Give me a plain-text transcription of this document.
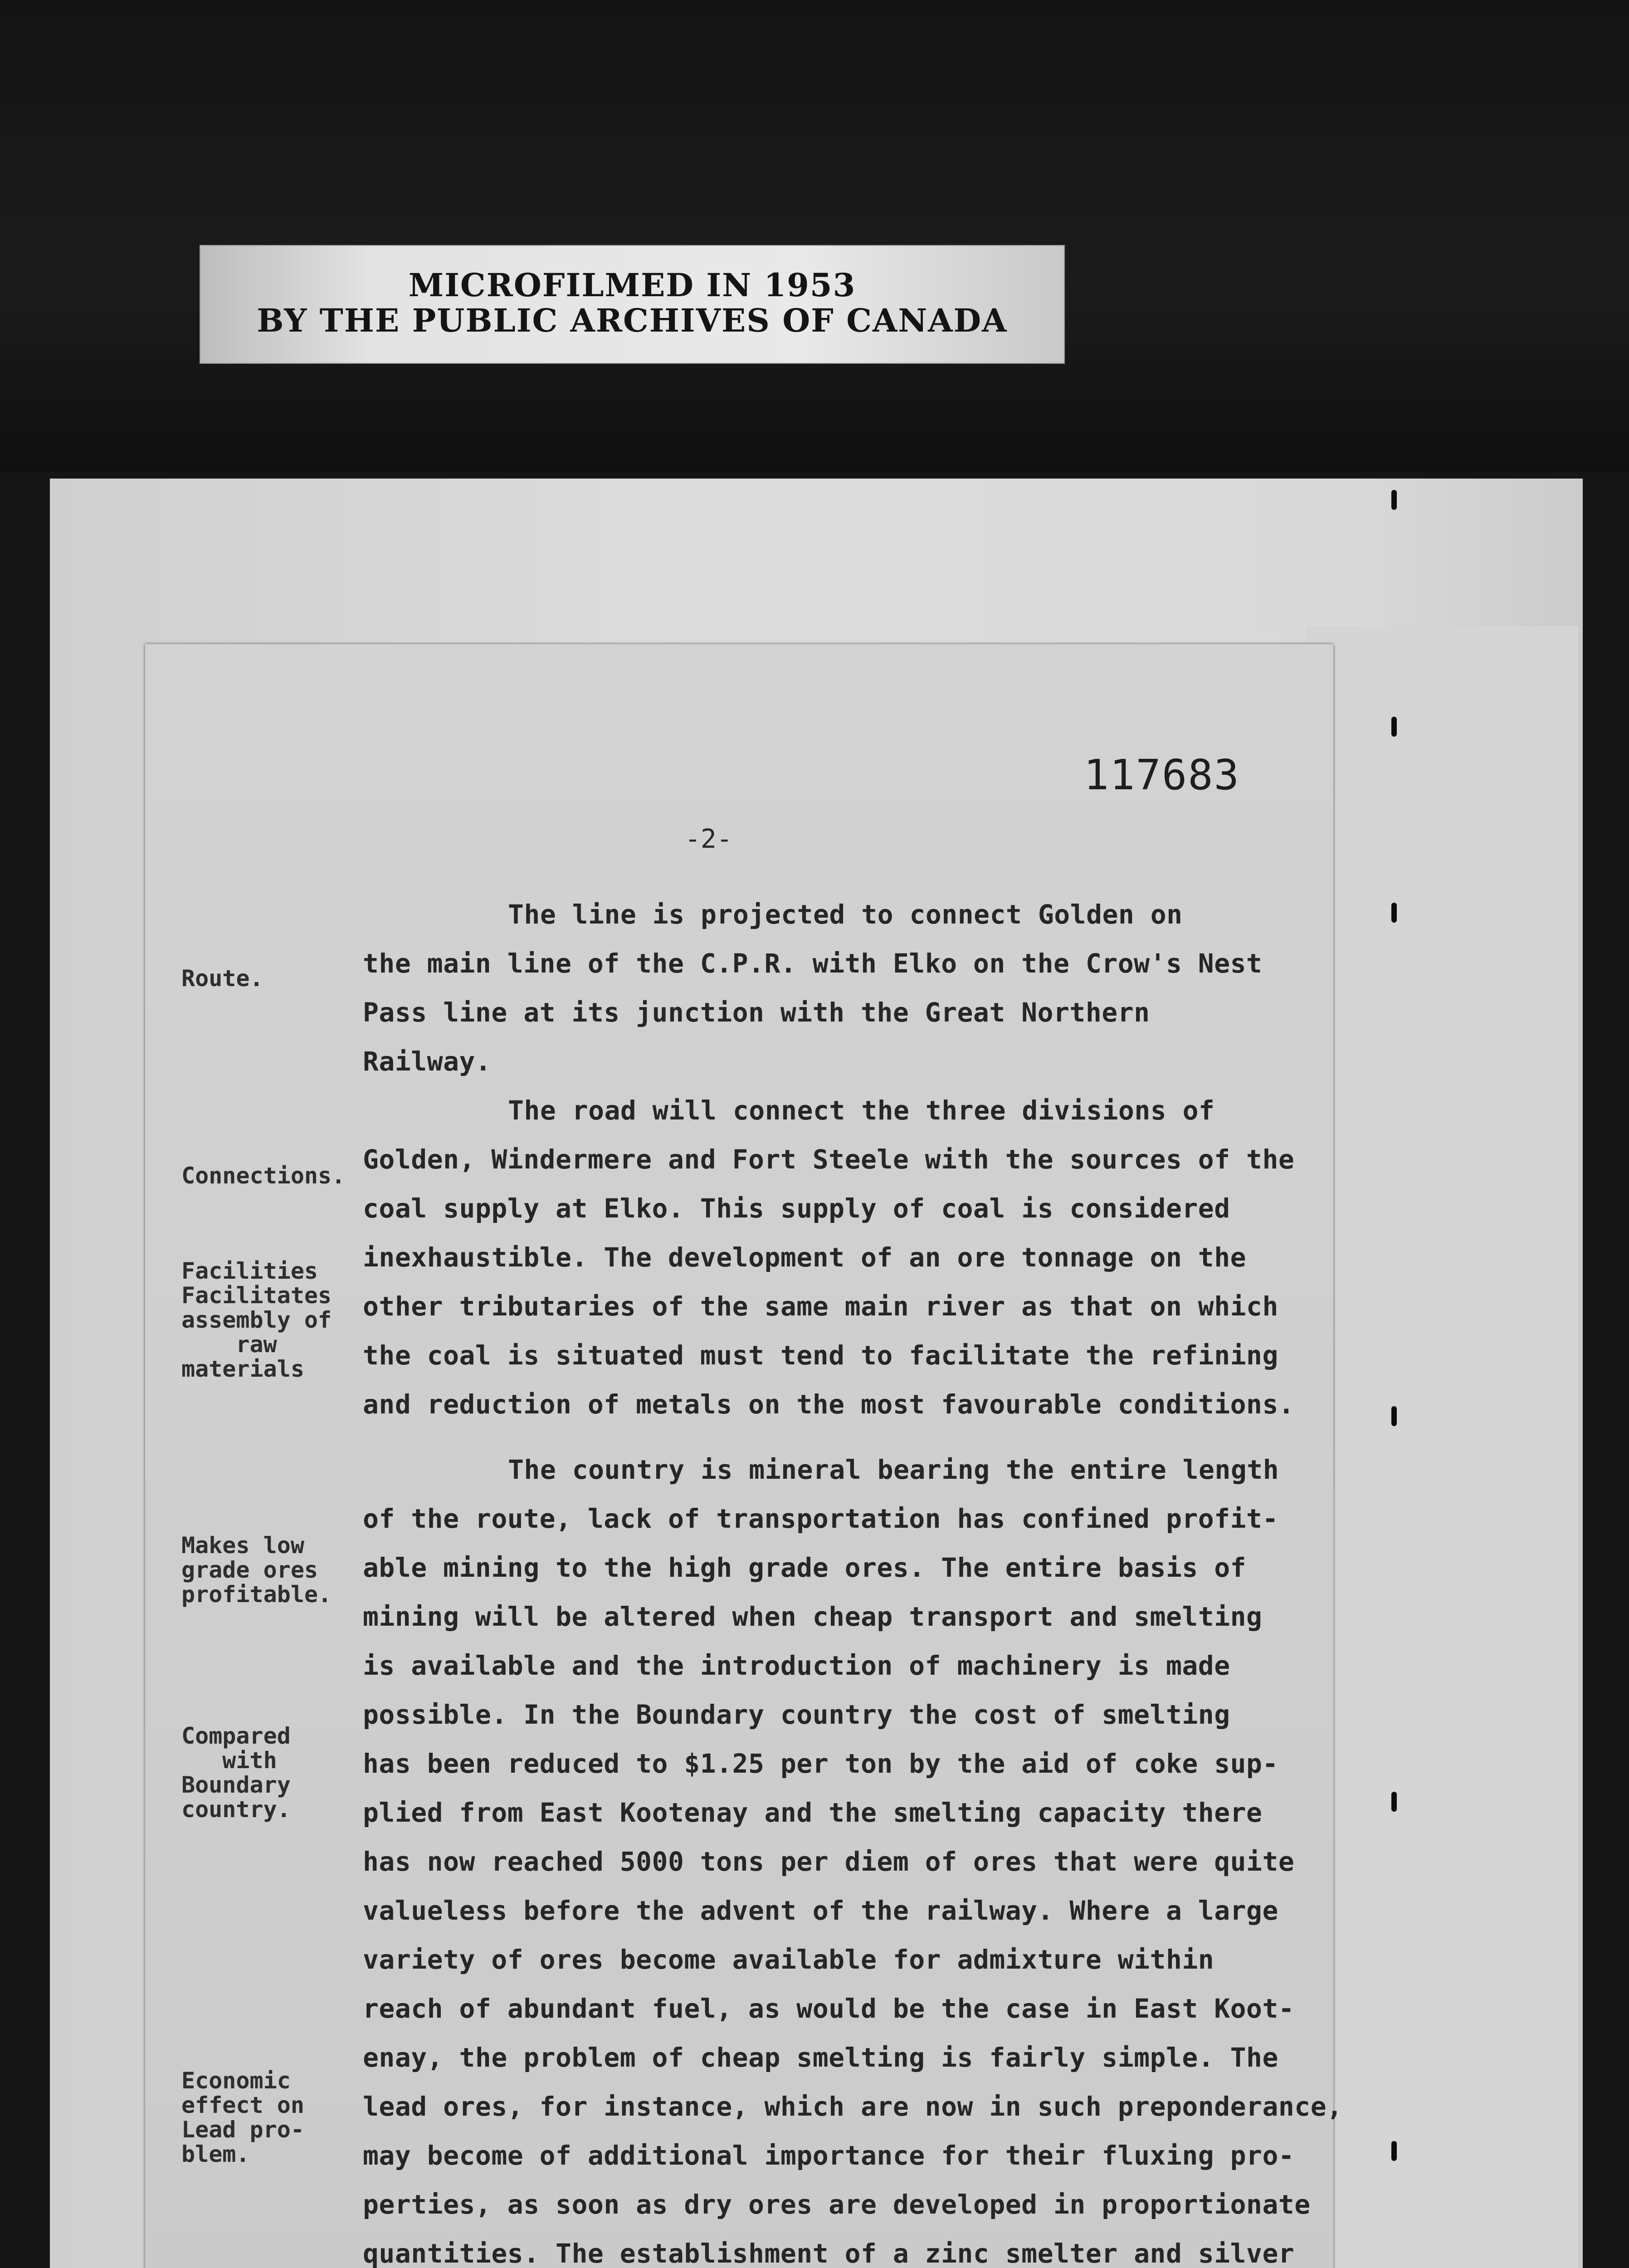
MICROFILMED IN 1953
BY THE PUBLIC ARCHIVES OF CANADA
117683
-2-
The line is projected to connect Golden on
the main line of the C.P.R. with Elko on the Crow's Nest
Pass line at its junction with the Great Northern
Railway.
The road will connect the three divisions of
Golden, Windermere and Fort Steele with the sources of the
coal supply at Elko. This supply of coal is considered
inexhaustible. The development of an ore tonnage on the
other tributaries of the same main river as that on which
the coal is situated must tend to facilitate the refining
and reduction of metals on the most favourable conditions.
The country is mineral bearing the entire length
of the route, lack of transportation has confined profit-
able mining to the high grade ores. The entire basis of
mining will be altered when cheap transport and smelting
is available and the introduction of machinery is made
possible. In the Boundary country the cost of smelting
has been reduced to $1.25 per ton by the aid of coke sup-
plied from East Kootenay and the smelting capacity there
has now reached 5000 tons per diem of ores that were quite
valueless before the advent of the railway. Where a large
variety of ores become available for admixture within
reach of abundant fuel, as would be the case in East Koot-
enay, the problem of cheap smelting is fairly simple. The
lead ores, for instance, which are now in such preponderance,
may become of additional importance for their fluxing pro-
perties, as soon as dry ores are developed in proportionate
quantities. The establishment of a zinc smelter and silver
Route.
Connections.
Facilities
Facilitates
assembly of
raw
materials
Makes low
grade ores
profitable.
Compared
with
Boundary
country.
Economic
effect on
Lead pro-
blem.
